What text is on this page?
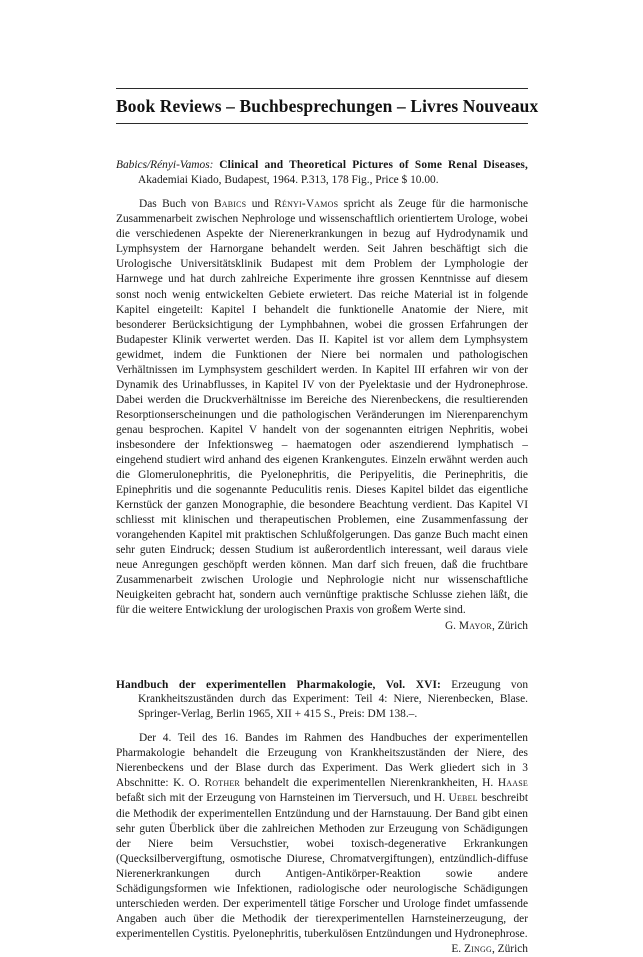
Book Reviews – Buchbesprechungen – Livres Nouveaux
Babics/Rényi-Vamos: Clinical and Theoretical Pictures of Some Renal Diseases, Akademiai Kiado, Budapest, 1964. P.313, 178 Fig., Price $ 10.00.

Das Buch von Babics und Rényi-Vamos spricht als Zeuge für die harmonische Zusammenarbeit zwischen Nephrologe und wissenschaftlich orientiertem Urologe, wobei die verschiedenen Aspekte der Nierenerkrankungen in bezug auf Hydrodynamik und Lymphsystem der Harnorgane behandelt werden. Seit Jahren beschäftigt sich die Urologische Universitätsklinik Budapest mit dem Problem der Lymphologie der Harnwege und hat durch zahlreiche Experimente ihre grossen Kenntnisse auf diesem sonst noch wenig entwickelten Gebiete erwietert. Das reiche Material ist in folgende Kapitel eingeteilt: Kapitel I behandelt die funktionelle Anatomie der Niere, mit besonderer Berücksichtigung der Lymphbahnen, wobei die grossen Erfahrungen der Budapester Klinik verwertet werden. Das II. Kapitel ist vor allem dem Lymphsystem gewidmet, indem die Funktionen der Niere bei normalen und pathologischen Verhältnissen im Lymphsystem geschildert werden. In Kapitel III erfahren wir von der Dynamik des Urinabflusses, in Kapitel IV von der Pyelektasie und der Hydronephrose. Dabei werden die Druckverhältnisse im Bereiche des Nierenbeckens, die resultierenden Resorptionserscheinungen und die pathologischen Veränderungen im Nierenparenchym genau besprochen. Kapitel V handelt von der sogenannten eitrigen Nephritis, wobei insbesondere der Infektionsweg – haematogen oder aszendierend lymphatisch – eingehend studiert wird anhand des eigenen Krankengutes. Einzeln erwähnt werden auch die Glomerulonephritis, die Pyelonephritis, die Peripyelitis, die Perinephritis, die Epinephritis und die sogenannte Peduculitis renis. Dieses Kapitel bildet das eigentliche Kernstück der ganzen Monographie, die besondere Beachtung verdient. Das Kapitel VI schliesst mit klinischen und therapeutischen Problemen, eine Zusammenfassung der vorangehenden Kapitel mit praktischen Schlußfolgerungen. Das ganze Buch macht einen sehr guten Eindruck; dessen Studium ist außerordentlich interessant, weil daraus viele neue Anregungen geschöpft werden können. Man darf sich freuen, daß die fruchtbare Zusammenarbeit zwischen Urologie und Nephrologie nicht nur wissenschaftliche Neuigkeiten gebracht hat, sondern auch vernünftige praktische Schlusse ziehen läßt, die für die weitere Entwicklung der urologischen Praxis von großem Werte sind.
G. Mayor, Zürich

Handbuch der experimentellen Pharmakologie, Vol. XVI: Erzeugung von Krankheitszuständen durch das Experiment: Teil 4: Niere, Nierenbecken, Blase. Springer-Verlag, Berlin 1965, XII + 415 S., Preis: DM 138.–.

Der 4. Teil des 16. Bandes im Rahmen des Handbuches der experimentellen Pharmakologie behandelt die Erzeugung von Krankheitszuständen der Niere, des Nierenbeckens und der Blase durch das Experiment. Das Werk gliedert sich in 3 Abschnitte: K. O. Rother behandelt die experimentellen Nierenkrankheiten, H. Haase befaßt sich mit der Erzeugung von Harnsteinen im Tierversuch, und H. Uebel beschreibt die Methodik der experimentellen Entzündung und der Harnstauung. Der Band gibt einen sehr guten Überblick über die zahlreichen Methoden zur Erzeugung von Schädigungen der Niere beim Versuchstier, wobei toxisch-degenerative Erkrankungen (Quecksilbervergiftung, osmotische Diurese, Chromatvergiftungen), entzündlich-diffuse Nierenerkrankungen durch Antigen-Antikörper-Reaktion sowie andere Schädigungsformen wie Infektionen, radiologische oder neurologische Schädigungen unterschieden werden. Der experimentell tätige Forscher und Urologe findet umfassende Angaben auch über die Methodik der tierexperimentellen Harnsteinerzeugung, der experimentellen Cystitis. Pyelonephritis, tuberkulösen Entzündungen und Hydronephrose.
E. Zingg, Zürich
